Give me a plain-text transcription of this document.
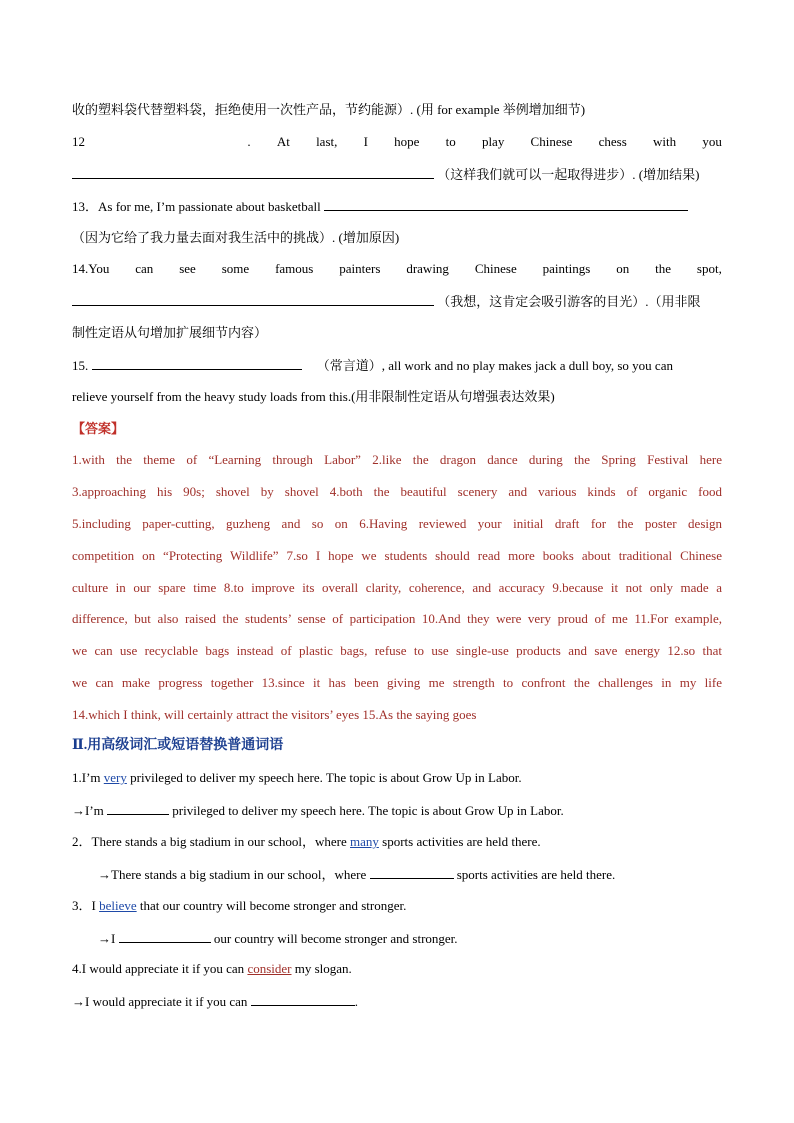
收的塑料袋代替塑料袋，拒绝使用一次性产品，节约能源）. (用 for example 举例增加细节)
12	. At last, I hope to play Chinese chess with you
（这样我们就可以一起取得进步）. (增加结果)
13．As for me, I’m passionate about basketball
（因为它给了我力量去面对我生活中的挑战）. (增加原因)
14.You can see some famous painters drawing Chinese paintings on the spot,
（我想，这肯定会吸引游客的目光）.（用非限
制性定语从句增加扩展细节内容）
15.	（常言道）, all work and no play makes jack a dull boy, so you can
relieve yourself from the heavy study loads from this.(用非限制性定语从句增强表达效果)
【答案】
1.with the theme of “Learning through Labor” 2.like the dragon dance during the Spring Festival here
3.approaching his 90s; shovel by shovel 4.both the beautiful scenery and various kinds of organic food
5.including paper-cutting, guzheng and so on 6.Having reviewed your initial draft for the poster design
competition on “Protecting Wildlife” 7.so I hope we students should read more books about traditional Chinese
culture in our spare time 8.to improve its overall clarity, coherence, and accuracy 9.because it not only made a
difference, but also raised the students’ sense of participation 10.And they were very proud of me 11.For example,
we can use recyclable bags instead of plastic bags, refuse to use single-use products and save energy 12.so that
we can make progress together 13.since it has been giving me strength to confront the challenges in my life
14.which I think, will certainly attract the visitors’ eyes 15.As the saying goes
Ⅱ.用高级词汇或短语替换普通词语
1.I’m very privileged to deliver my speech here. The topic is about Grow Up in Labor.
→I’m	privileged to deliver my speech here. The topic is about Grow Up in Labor.
2．There stands a big stadium in our school，where many sports activities are held there.
→There stands a big stadium in our school，where	sports activities are held there.
3．I believe that our country will become stronger and stronger.
→I	our country will become stronger and stronger.
4.I would appreciate it if you can consider my slogan.
→I would appreciate it if you can	.
